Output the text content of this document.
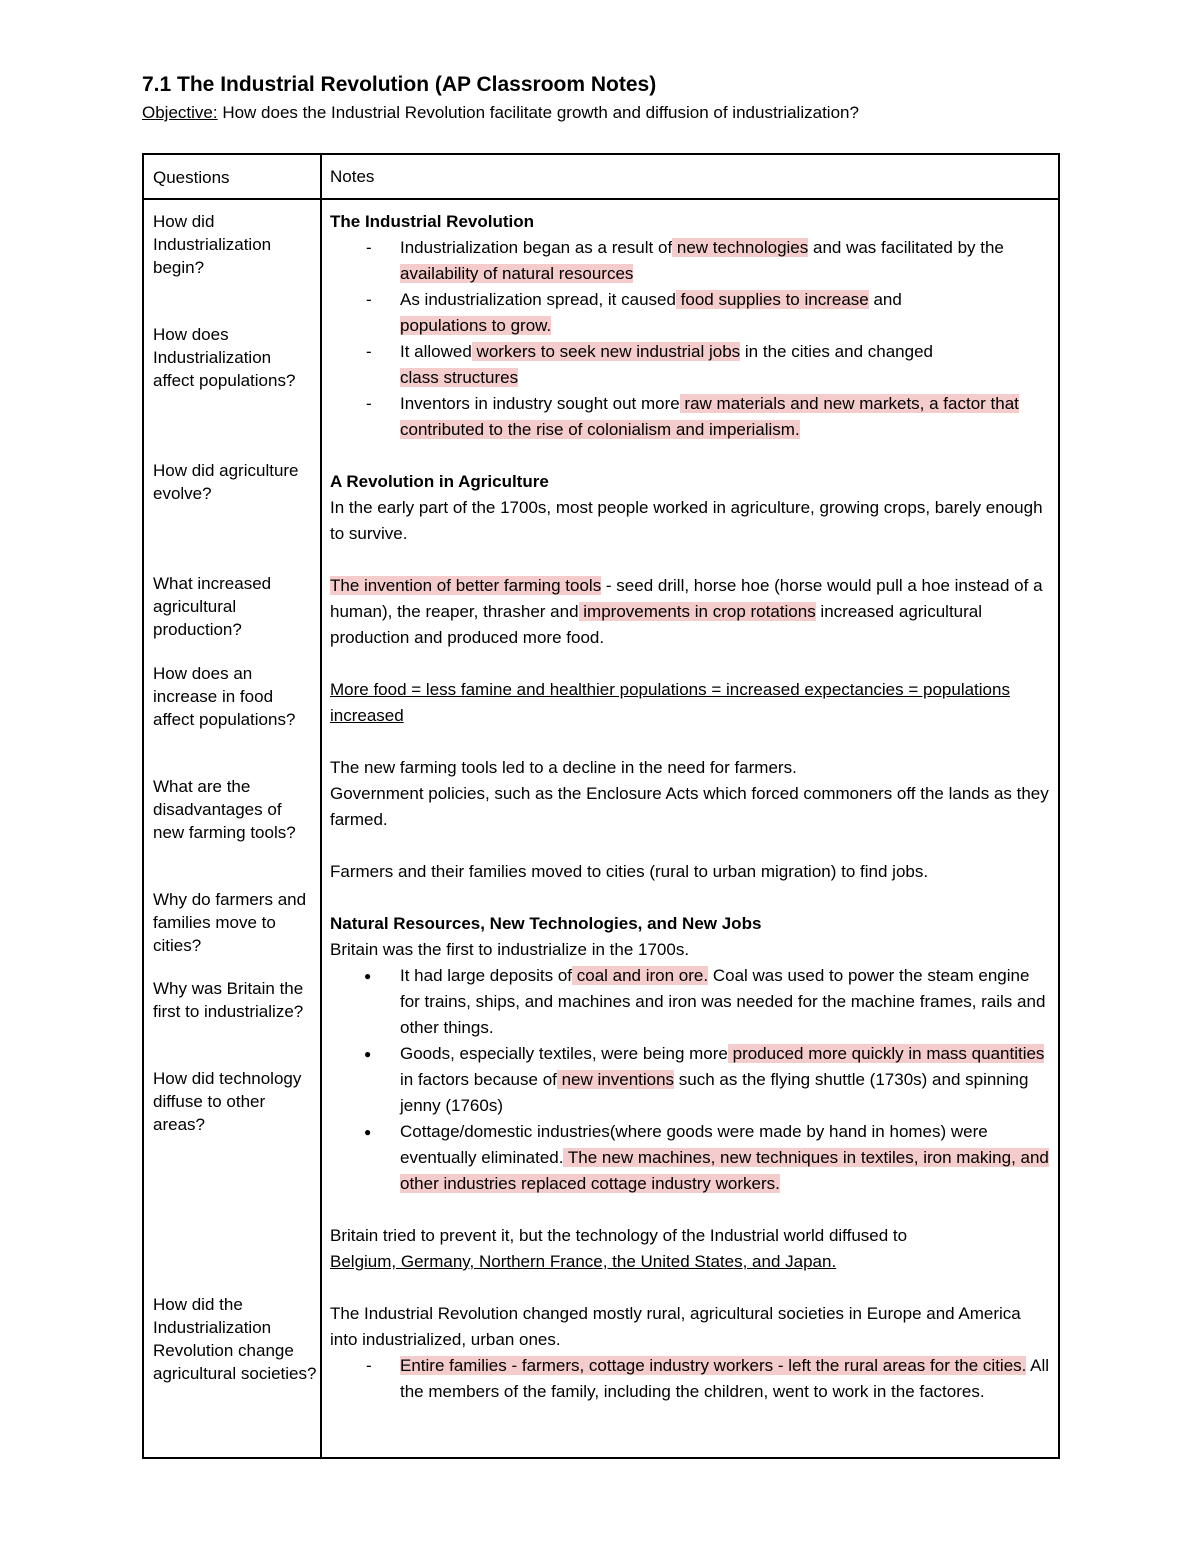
7.1 The Industrial Revolution (AP Classroom Notes)

Objective: How does the Industrial Revolution facilitate growth and diffusion of industrialization?

Questions	Notes

How did Industrialization begin?

How does Industrialization affect populations?

How did agriculture evolve?

What increased agricultural production?

How does an increase in food affect populations?

What are the disadvantages of new farming tools?

Why do farmers and families move to cities?

Why was Britain the first to industrialize?

How did technology diffuse to other areas?

How did the Industrialization Revolution change agricultural societies?

The Industrial Revolution
- Industrialization began as a result of new technologies and was facilitated by the availability of natural resources
- As industrialization spread, it caused food supplies to increase and
populations to grow.
- It allowed workers to seek new industrial jobs in the cities and changed
class structures
- Inventors in industry sought out more raw materials and new markets, a factor that contributed to the rise of colonialism and imperialism.
A Revolution in Agriculture

In the early part of the 1700s, most people worked in agriculture, growing crops, barely enough to survive.

The invention of better farming tools - seed drill, horse hoe (horse would pull a hoe instead of a human), the reaper, thrasher and improvements in crop rotations increased agricultural production and produced more food.

More food = less famine and healthier populations = increased expectancies = populations increased

The new farming tools led to a decline in the need for farmers.

Government policies, such as the Enclosure Acts which forced commoners off the lands as they farmed.

Farmers and their families moved to cities (rural to urban migration) to find jobs.

Natural Resources, New Technologies, and New Jobs

Britain was the first to industrialize in the 1700s.

● It had large deposits of coal and iron ore. Coal was used to power the steam engine for trains, ships, and machines and iron was needed for the machine frames, rails and other things.
● Goods, especially textiles, were being more produced more quickly in mass quantities in factors because of new inventions such as the flying shuttle (1730s) and spinning jenny (1760s)
● Cottage/domestic industries(where goods were made by hand in homes) were eventually eliminated. The new machines, new techniques in textiles, iron making, and other industries replaced cottage industry workers.

Britain tried to prevent it, but the technology of the Industrial world diffused to
Belgium, Germany, Northern France, the United States, and Japan.

The Industrial Revolution changed mostly rural, agricultural societies in Europe and America into industrialized, urban ones.

- Entire families - farmers, cottage industry workers - left the rural areas for the cities. All the members of the family, including the children, went to work in the factores.
